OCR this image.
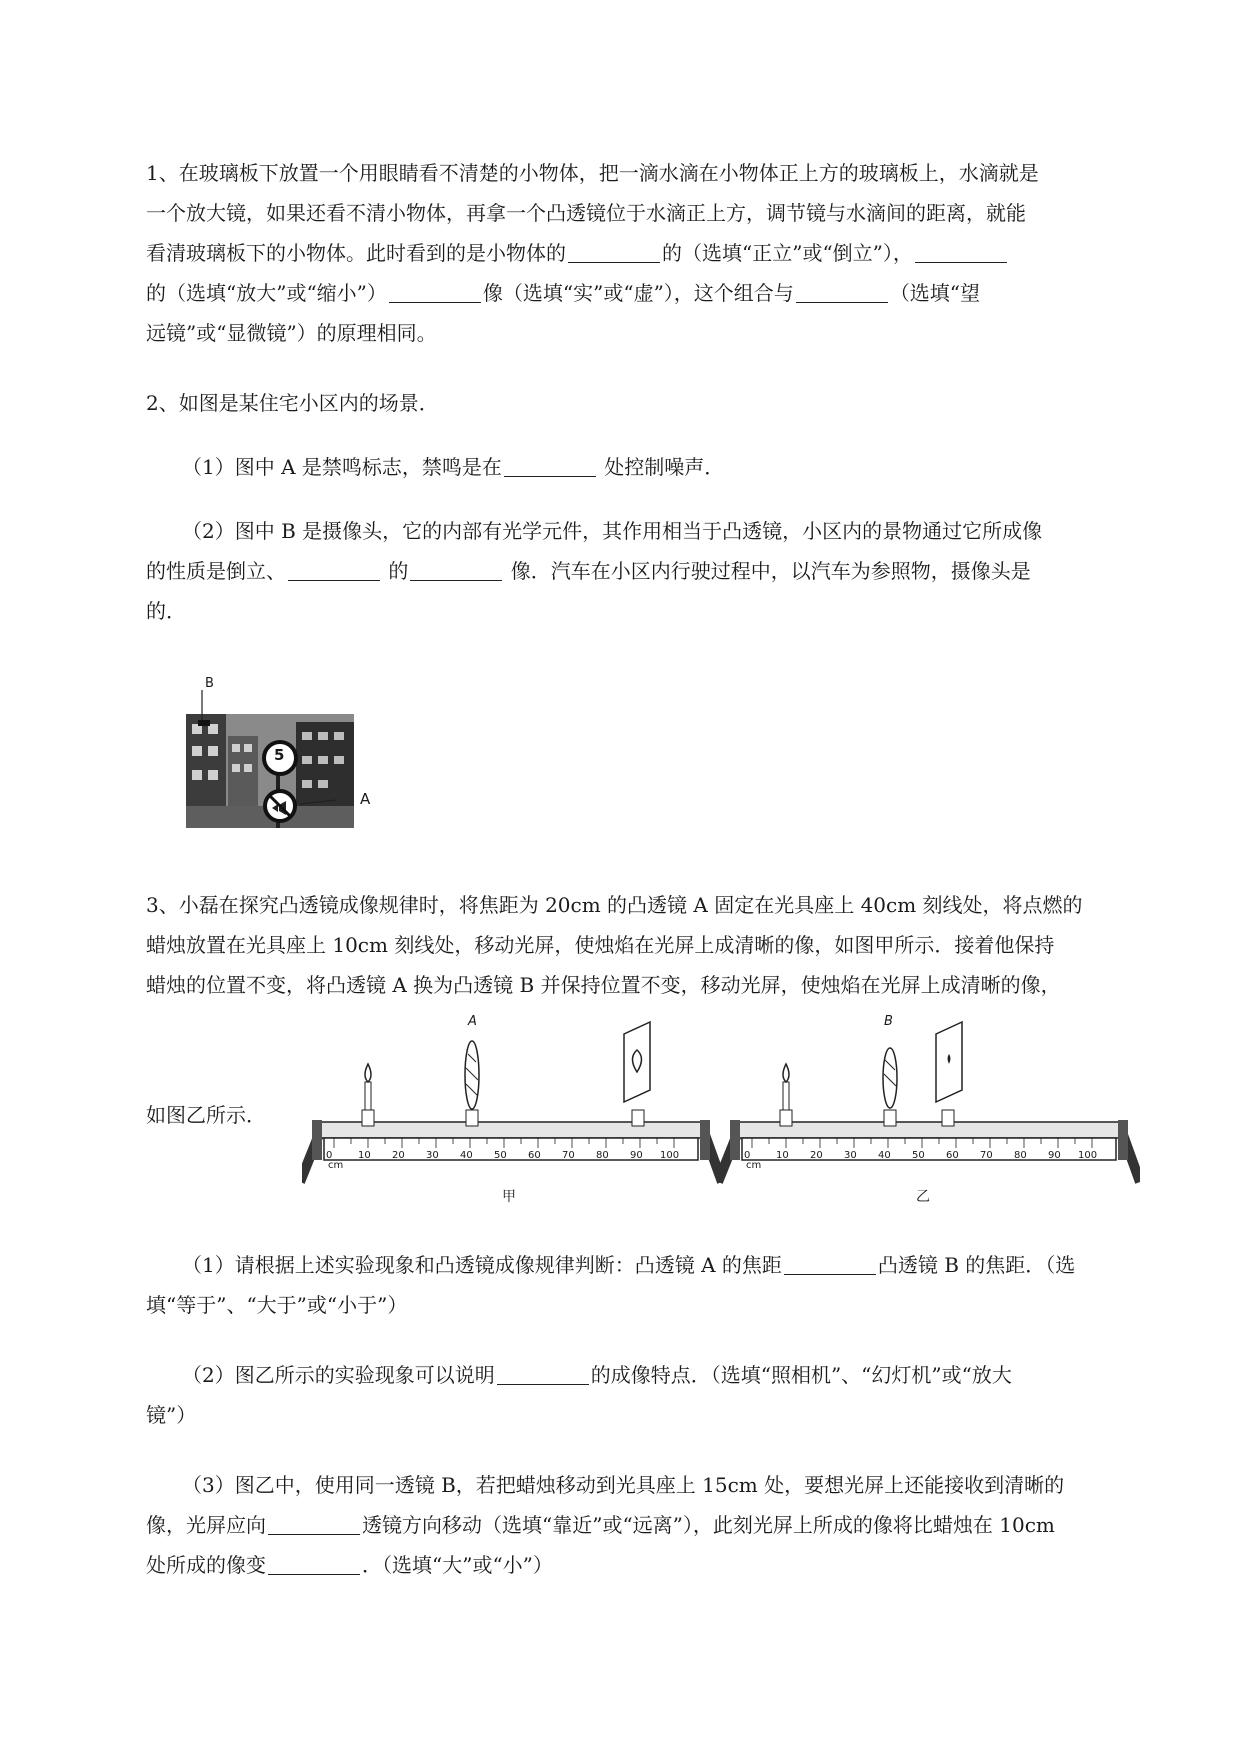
1、在玻璃板下放置一个用眼睛看不清楚的小物体，把一滴水滴在小物体正上方的玻璃板上，水滴就是

一个放大镜，如果还看不清小物体，再拿一个凸透镜位于水滴正上方，调节镜与水滴间的距离，就能

看清玻璃板下的小物体。此时看到的是小物体的	的（选填“正立”或“倒立”），

的（选填“放大”或“缩小”）	像（选填“实”或“虚”），这个组合与	（选填“望

远镜”或“显微镜”）的原理相同。

2、如图是某住宅小区内的场景．

（1）图中 A 是禁鸣标志，禁鸣是在	处控制噪声．

（2）图中 B 是摄像头，它的内部有光学元件，其作用相当于凸透镜，小区内的景物通过它所成像

的性质是倒立、	的	像．汽车在小区内行驶过程中，以汽车为参照物，摄像头是

的．

B
5
A

3、小磊在探究凸透镜成像规律时，将焦距为 20cm 的凸透镜 A 固定在光具座上 40cm 刻线处，将点燃的

蜡烛放置在光具座上 10cm 刻线处，移动光屏，使烛焰在光屏上成清晰的像，如图甲所示．接着他保持

蜡烛的位置不变，将凸透镜 A 换为凸透镜 B 并保持位置不变，移动光屏，使烛焰在光屏上成清晰的像，

如图乙所示．

A
cm
甲
0	10 20 30 40 50 60 70 80 90 100
B
cm
乙
0	10 20 30 40 50 60 70 80 90 100

（1）请根据上述实验现象和凸透镜成像规律判断：凸透镜 A 的焦距	凸透镜 B 的焦距．（选

填“等于”、“大于”或“小于”）

（2）图乙所示的实验现象可以说明	的成像特点．（选填“照相机”、“幻灯机”或“放大

镜”）

（3）图乙中，使用同一透镜 B，若把蜡烛移动到光具座上 15cm 处，要想光屏上还能接收到清晰的

像，光屏应向	透镜方向移动（选填“靠近”或“远离”），此刻光屏上所成的像将比蜡烛在 10cm

处所成的像变	．（选填“大”或“小”）
